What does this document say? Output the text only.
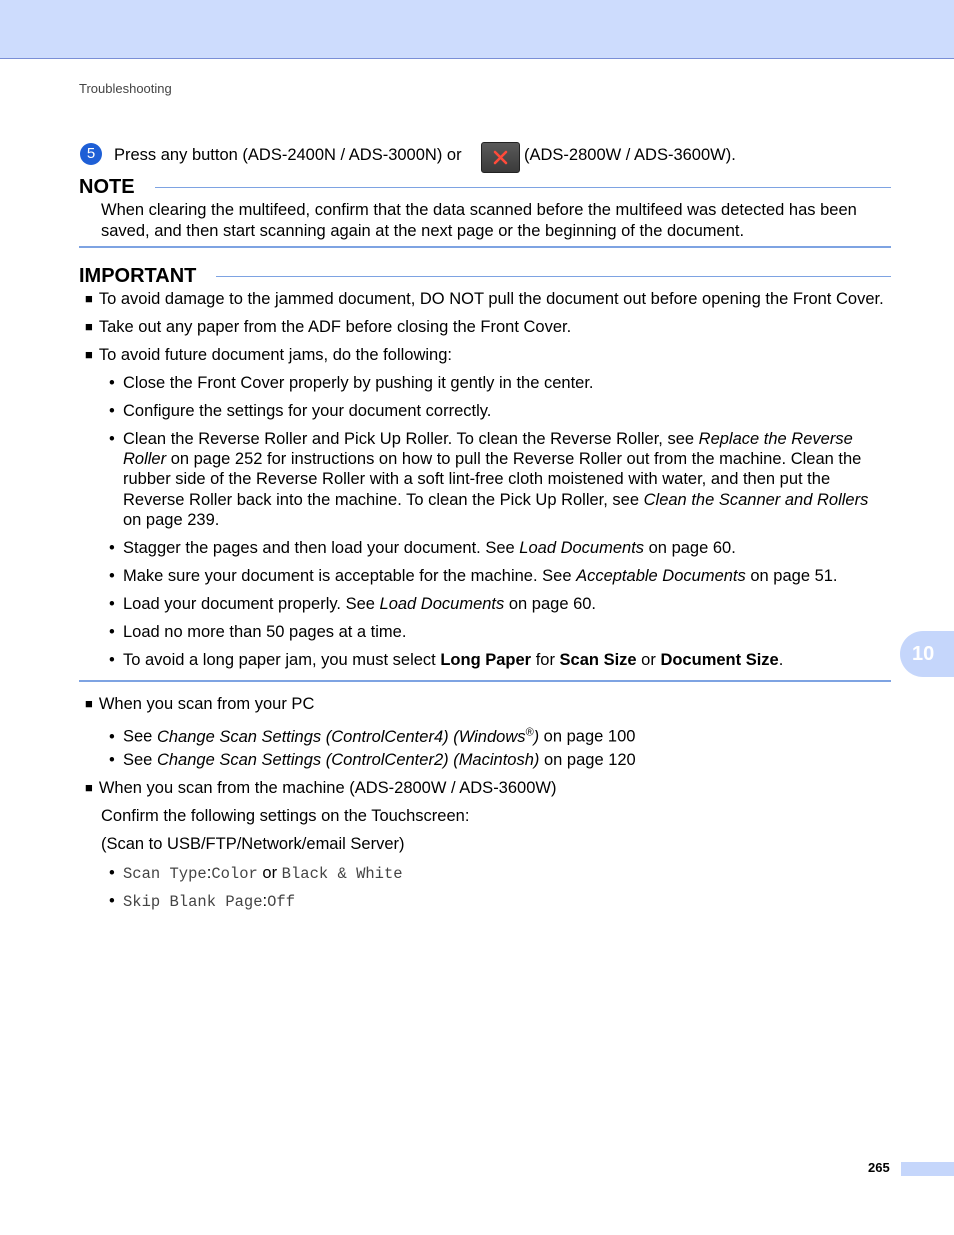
Troubleshooting
5	Press any button (ADS-2400N / ADS-3000N) or	(ADS-2800W / ADS-3600W).
NOTE
When clearing the multifeed, confirm that the data scanned before the multifeed was detected has been
saved, and then start scanning again at the next page or the beginning of the document.
IMPORTANT
■ To avoid damage to the jammed document, DO NOT pull the document out before opening the Front Cover.
■ Take out any paper from the ADF before closing the Front Cover.
■ To avoid future document jams, do the following:
• Close the Front Cover properly by pushing it gently in the center.
• Configure the settings for your document correctly.
• Clean the Reverse Roller and Pick Up Roller. To clean the Reverse Roller, see Replace the Reverse
Roller on page 252 for instructions on how to pull the Reverse Roller out from the machine. Clean the
rubber side of the Reverse Roller with a soft lint-free cloth moistened with water, and then put the
Reverse Roller back into the machine. To clean the Pick Up Roller, see Clean the Scanner and Rollers
on page 239.
• Stagger the pages and then load your document. See Load Documents on page 60.
• Make sure your document is acceptable for the machine. See Acceptable Documents on page 51.
• Load your document properly. See Load Documents on page 60.
• Load no more than 50 pages at a time.
• To avoid a long paper jam, you must select Long Paper for Scan Size or Document Size.	10
■ When you scan from your PC
• See Change Scan Settings (ControlCenter4) (Windows®) on page 100
• See Change Scan Settings (ControlCenter2) (Macintosh) on page 120
■ When you scan from the machine (ADS-2800W / ADS-3600W)
Confirm the following settings on the Touchscreen:
(Scan to USB/FTP/Network/email Server)
• Scan Type:Color or Black & White
• Skip Blank Page:Off
265
